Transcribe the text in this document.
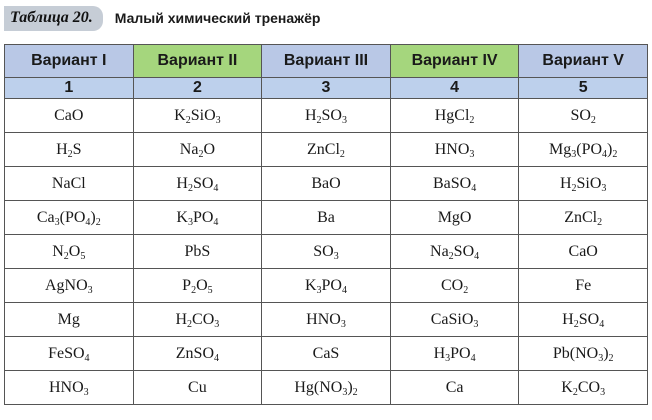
Таблица 20.	Малый химический тренажёр
Вариант I	Вариант II	Вариант III	Вариант IV	Вариант V
1	2	3	4	5
CaO	$K_2SiO_3$	$H_2SO_3$	HgCl$_2$	$SO_2$
$H_2S$	$Na_2O$	ZnCl$_2$	$HNO_3$	$Mg_3(PO_4)_2$
NaCl	$H_2SO_4$	BaO	BaSO$_4$	$H_2SiO_3$
$Ca_3(PO_4)_2$	$K_3PO_4$	Ba	MgO	ZnCl$_2$
$N_2O_5$	PbS	$SO_3$	$Na_2SO_4$	CaO
AgNO$_3$	$P_2O_5$	$K_3PO_4$	$CO_2$	Fe
Mg	$H_2CO_3$	$HNO_3$	CaSiO$_3$	$H_2SO_4$
FeSO$_4$	ZnSO$_4$	CaS	$H_3PO_4$	$Pb(NO_3)_2$
$HNO_3$	Cu	$Hg(NO_3)_2$	Ca	$K_2CO_3$
